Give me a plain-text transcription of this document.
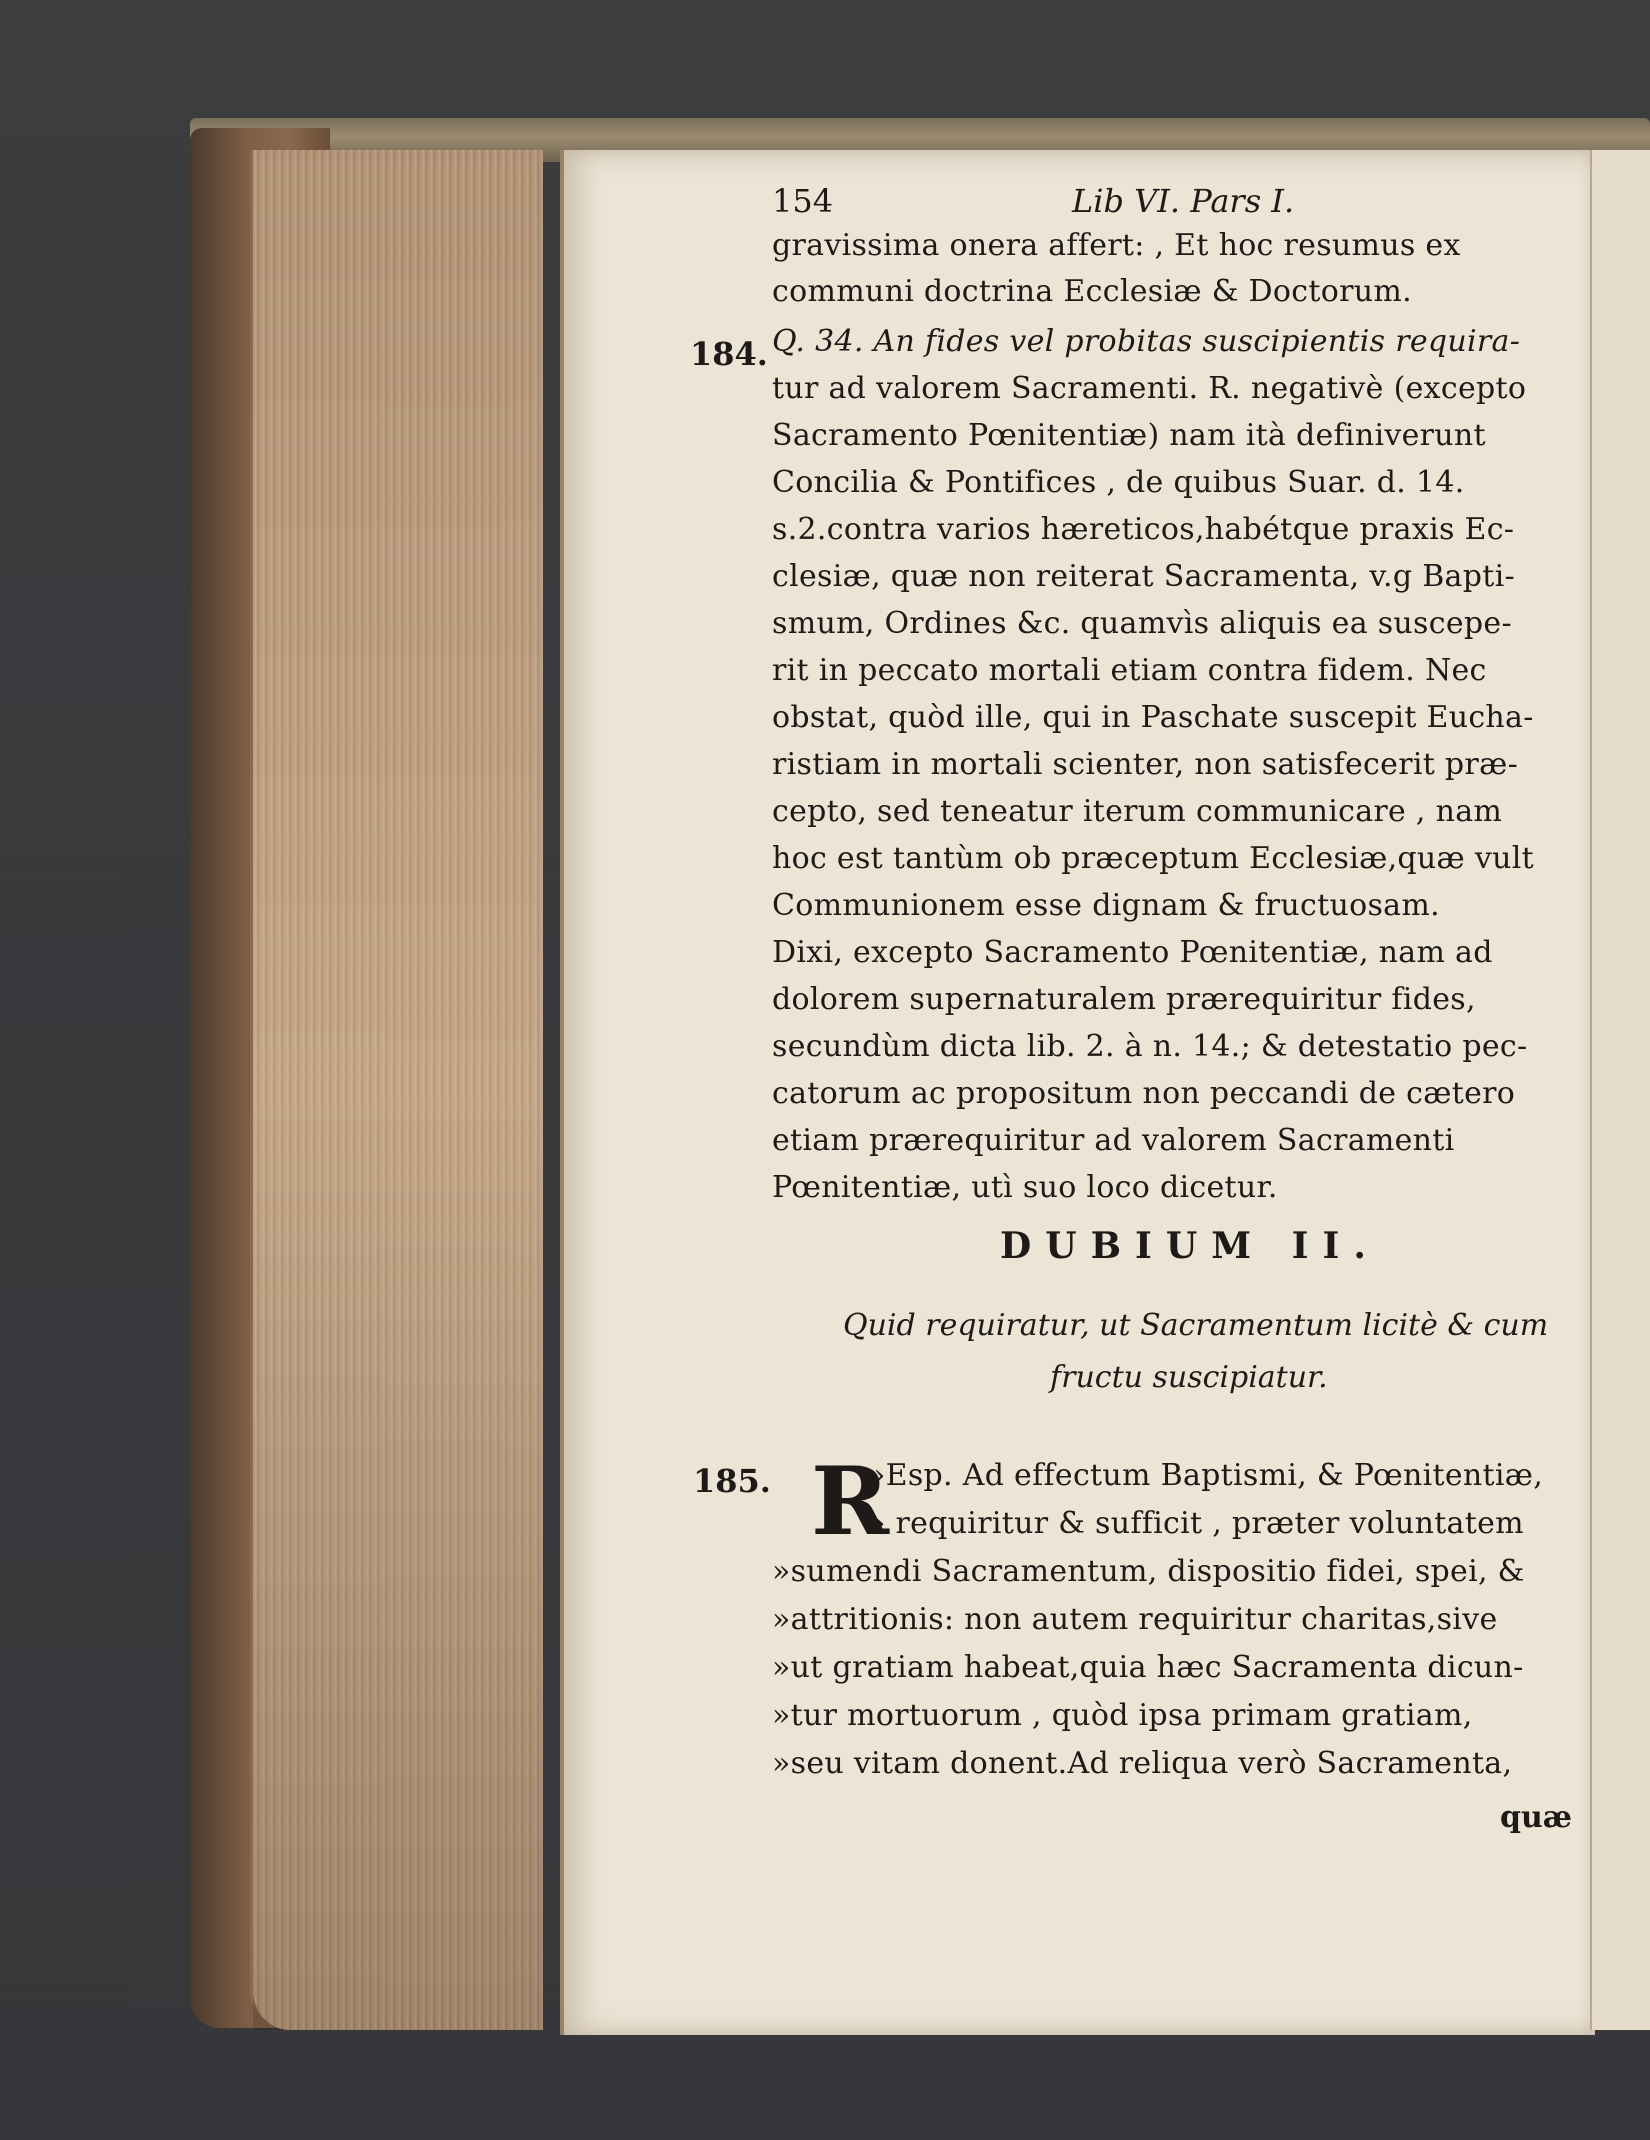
154	Lib VI. Pars I.
gravissima onera affert: , Et hoc resumus ex
communi doctrina Ecclesiæ & Doctorum.
184. Q. 34. An fides vel probitas suscipientis requira-
tur ad valorem Sacramenti. R. negativè (excepto
Sacramento Pœnitentiæ) nam ità definiverunt
Concilia & Pontifices , de quibus Suar. d. 14.
s.2.contra varios hæreticos,habétque praxis Ec-
clesiæ, quæ non reiterat Sacramenta, v.g Bapti-
smum, Ordines &c. quamvìs aliquis ea suscepe-
rit in peccato mortali etiam contra fidem. Nec
obstat, quòd ille, qui in Paschate suscepit Eucha-
ristiam in mortali scienter, non satisfecerit præ-
cepto, sed teneatur iterum communicare , nam
hoc est tantùm ob præceptum Ecclesiæ,quæ vult
Communionem esse dignam & fructuosam.
Dixi, excepto Sacramento Pœnitentiæ, nam ad
dolorem supernaturalem prærequiritur fides,
secundùm dicta lib. 2. à n. 14.; & detestatio pec-
catorum ac propositum non peccandi de cætero
etiam prærequiritur ad valorem Sacramenti
Pœnitentiæ, utì suo loco dicetur.
DUBIUM II.
Quid requiratur, ut Sacramentum licitè & cum
fructu suscipiatur.
185. R
»Esp. Ad effectum Baptismi, & Pœnitentiæ,
» requiritur & sufficit , præter voluntatem
»sumendi Sacramentum, dispositio fidei, spei, &
»attritionis: non autem requiritur charitas,sive
»ut gratiam habeat,quia hæc Sacramenta dicun-
»tur mortuorum , quòd ipsa primam gratiam,
»seu vitam donent.Ad reliqua verò Sacramenta,
quæ
